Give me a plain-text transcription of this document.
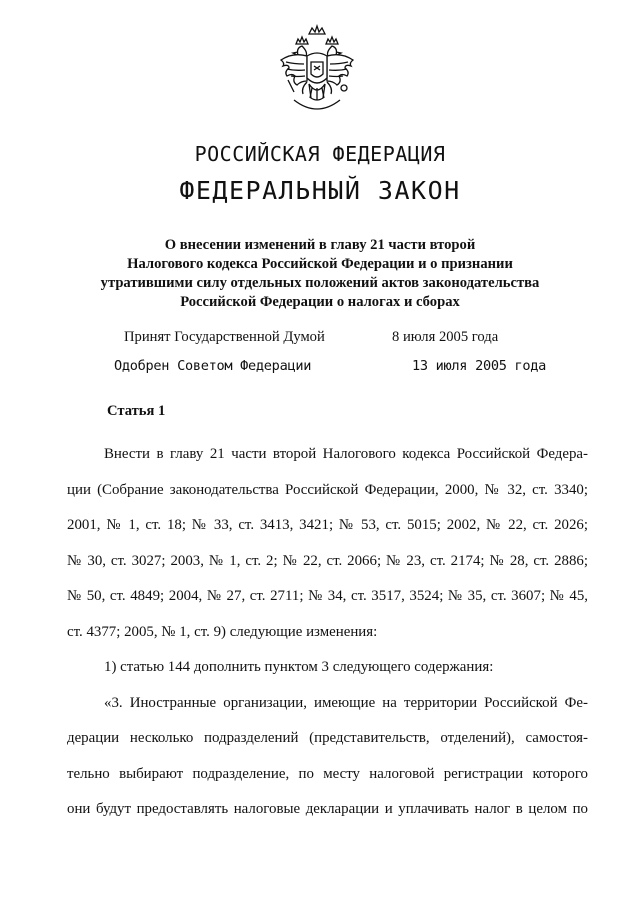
РОССИЙСКАЯ ФЕДЕРАЦИЯ
ФЕДЕРАЛЬНЫЙ ЗАКОН
О внесении изменений в главу 21 части второй
Налогового кодекса Российской Федерации и о признании
утратившими силу отдельных положений актов законодательства
Российской Федерации о налогах и сборах
Принят Государственной Думой	8 июля 2005 года
Одобрен Советом Федерации	13 июля 2005 года
Статья 1

Внести в главу 21 части второй Налогового кодекса Российской Федера-

ции (Собрание законодательства Российской Федерации, 2000, № 32, ст. 3340;

2001, № 1, ст. 18; № 33, ст. 3413, 3421; № 53, ст. 5015; 2002, № 22, ст. 2026;

№ 30, ст. 3027; 2003, № 1, ст. 2; № 22, ст. 2066; № 23, ст. 2174; № 28, ст. 2886;

№ 50, ст. 4849; 2004, № 27, ст. 2711; № 34, ст. 3517, 3524; № 35, ст. 3607; № 45,

ст. 4377; 2005, № 1, ст. 9) следующие изменения:

1) статью 144 дополнить пунктом 3 следующего содержания:

«3. Иностранные организации, имеющие на территории Российской Фе-

дерации несколько подразделений (представительств, отделений), самостоя-

тельно выбирают подразделение, по месту налоговой регистрации которого

они будут предоставлять налоговые декларации и уплачивать налог в целом по
